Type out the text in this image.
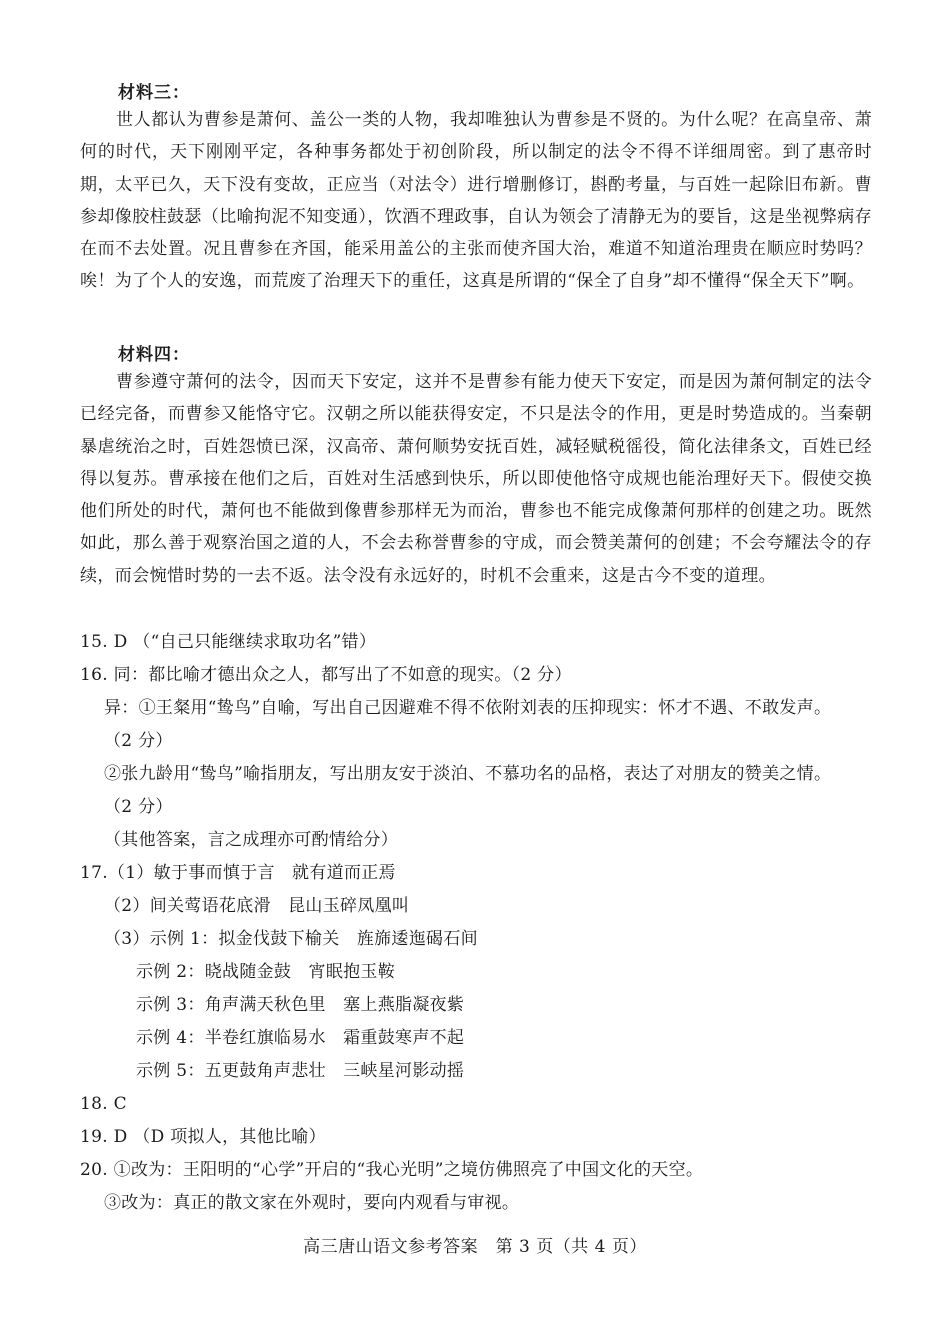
材料三：
世人都认为曹参是萧何、盖公一类的人物，我却唯独认为曹参是不贤的。为什么呢？在高皇帝、萧何的时代，天下刚刚平定，各种事务都处于初创阶段，所以制定的法令不得不详细周密。到了惠帝时期，太平已久，天下没有变故，正应当（对法令）进行增删修订，斟酌考量，与百姓一起除旧布新。曹参却像胶柱鼓瑟（比喻拘泥不知变通），饮酒不理政事，自认为领会了清静无为的要旨，这是坐视弊病存在而不去处置。况且曹参在齐国，能采用盖公的主张而使齐国大治，难道不知道治理贵在顺应时势吗？唉！为了个人的安逸，而荒废了治理天下的重任，这真是所谓的“保全了自身”却不懂得“保全天下”啊。
材料四：
曹参遵守萧何的法令，因而天下安定，这并不是曹参有能力使天下安定，而是因为萧何制定的法令已经完备，而曹参又能恪守它。汉朝之所以能获得安定，不只是法令的作用，更是时势造成的。当秦朝暴虐统治之时，百姓怨愤已深，汉高帝、萧何顺势安抚百姓，减轻赋税徭役，简化法律条文，百姓已经得以复苏。曹承接在他们之后，百姓对生活感到快乐，所以即使他恪守成规也能治理好天下。假使交换他们所处的时代，萧何也不能做到像曹参那样无为而治，曹参也不能完成像萧何那样的创建之功。既然如此，那么善于观察治国之道的人，不会去称誉曹参的守成，而会赞美萧何的创建；不会夸耀法令的存续，而会惋惜时势的一去不返。法令没有永远好的，时机不会重来，这是古今不变的道理。
15. D （“自己只能继续求取功名”错）
16. 同：都比喻才德出众之人，都写出了不如意的现实。（2 分）
异：①王粲用“鸷鸟”自喻，写出自己因避难不得不依附刘表的压抑现实：怀才不遇、不敢发声。
（2 分）
②张九龄用“鸷鸟”喻指朋友，写出朋友安于淡泊、不慕功名的品格，表达了对朋友的赞美之情。
（2 分）
（其他答案，言之成理亦可酌情给分）
17.（1）敏于事而慎于言　就有道而正焉
（2）间关莺语花底滑　昆山玉碎凤凰叫
（3）示例 1：拟金伐鼓下榆关　旌旆逶迤碣石间
示例 2：晓战随金鼓　宵眠抱玉鞍
示例 3：角声满天秋色里　塞上燕脂凝夜紫
示例 4：半卷红旗临易水　霜重鼓寒声不起
示例 5：五更鼓角声悲壮　三峡星河影动摇
18. C
19. D （D 项拟人，其他比喻）
20. ①改为：王阳明的“心学”开启的“我心光明”之境仿佛照亮了中国文化的天空。
③改为：真正的散文家在外观时，要向内观看与审视。
高三唐山语文参考答案　第 3 页（共 4 页）
